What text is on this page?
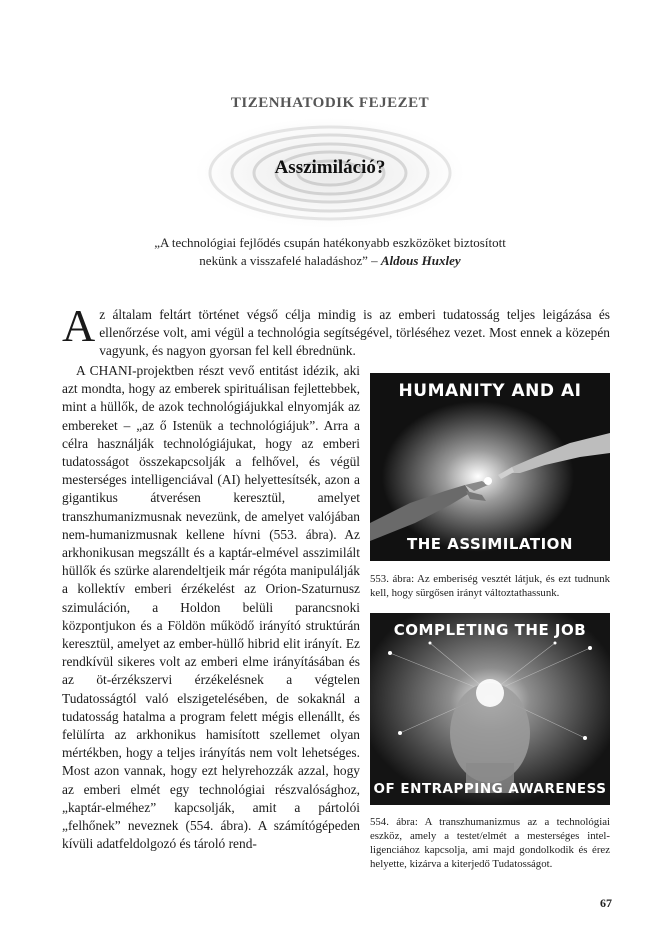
TIZENHATODIK FEJEZET
Asszimiláció?
„A technológiai fejlődés csupán hatékonyabb eszközöket biztosított
nekünk a visszafelé haladáshoz” – Aldous Huxley
Az általam feltárt történet végső célja mindig is az emberi tudatosság teljes leigázása és ellenőrzése volt, ami végül a technológia segítségével, törléséhez vezet. Most ennek a közepén vagyunk, és nagyon gyorsan fel kell ébrednünk.

A CHANI-projektben részt vevő entitást idézik, aki azt mondta, hogy az emberek spirituálisan fejlettebbek, mint a hüllők, de azok technológiájukkal elnyomják az embereket – „az ő Istenük a technológiájuk”. Arra a célra használják technológiájukat, hogy az emberi tudatosságot összekapcsolják a felhővel, és végül mesterséges intelligenciával (AI) helyettesítsék, azon a gigantikus átverésen keresztül, amelyet transzhumanizmusnak nevezünk, de amelyet valójában nem-humanizmusnak kellene hívni (553. ábra). Az arkhonikusan megszállt és a kaptár-elmével asszimilált hüllők és szürke alarendeltjeik már régóta manipulálják a kollektív emberi érzékelést az Orion-Szaturnusz szimuláción, a Holdon belüli parancsnoki központjukon és a Földön működő irányító struktúrán keresztül, amelyet az ember-hüllő hibrid elit irányít. Ez rendkívül sikeres volt az emberi elme irányításában és az öt-érzékszervi érzékelésnek a végtelen Tudatosságtól való elszigetelésében, de sokaknál a tudatosság hatalma a program felett mégis ellenállt, és felülírta az arkhonikus hamisított szellemet olyan mértékben, hogy a teljes irányítás nem volt lehetséges. Most azon vannak, hogy ezt helyrehozzák azzal, hogy az emberi elmét egy technológiai részvalósághoz, „kaptár-elméhez” kapcsolják, amit a pártolói „felhőnek” neveznek (554. ábra). A számítógépeden kívüli adatfeldolgozó és tároló rend-

HUMANITY AND AI
THE ASSIMILATION
553. ábra: Az emberiség vesztét látjuk, és ezt tudnunk kell, hogy sürgősen irányt változtathassunk.
COMPLETING THE JOB
OF ENTRAPPING AWARENESS
554. ábra: A transzhumanizmus az a technológiai eszköz, amely a testet/elmét a mesterséges intelligenciához kapcsolja, ami majd gondolkodik és érez helyette, kizárva a kiterjedő Tudatosságot.
67
